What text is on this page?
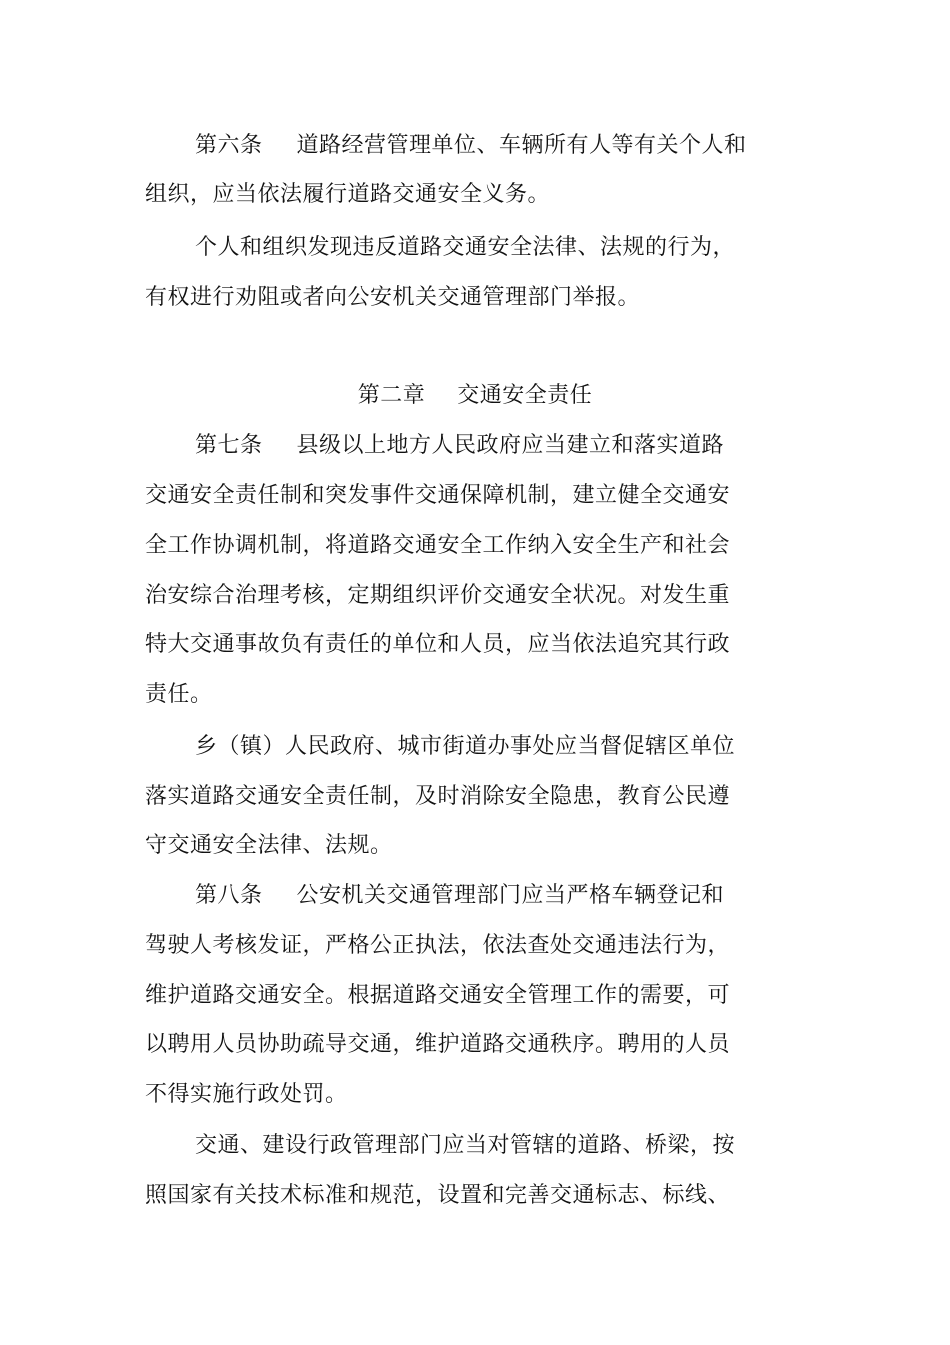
第六条 道路经营管理单位、车辆所有人等有关个人和
组织，应当依法履行道路交通安全义务。
个人和组织发现违反道路交通安全法律、法规的行为，
有权进行劝阻或者向公安机关交通管理部门举报。
第二章 交通安全责任
第七条 县级以上地方人民政府应当建立和落实道路
交通安全责任制和突发事件交通保障机制，建立健全交通安
全工作协调机制，将道路交通安全工作纳入安全生产和社会
治安综合治理考核，定期组织评价交通安全状况。对发生重
特大交通事故负有责任的单位和人员，应当依法追究其行政
责任。
乡（镇）人民政府、城市街道办事处应当督促辖区单位
落实道路交通安全责任制，及时消除安全隐患，教育公民遵
守交通安全法律、法规。
第八条 公安机关交通管理部门应当严格车辆登记和
驾驶人考核发证，严格公正执法，依法查处交通违法行为，
维护道路交通安全。根据道路交通安全管理工作的需要，可
以聘用人员协助疏导交通，维护道路交通秩序。聘用的人员
不得实施行政处罚。
交通、建设行政管理部门应当对管辖的道路、桥梁，按
照国家有关技术标准和规范，设置和完善交通标志、标线、
